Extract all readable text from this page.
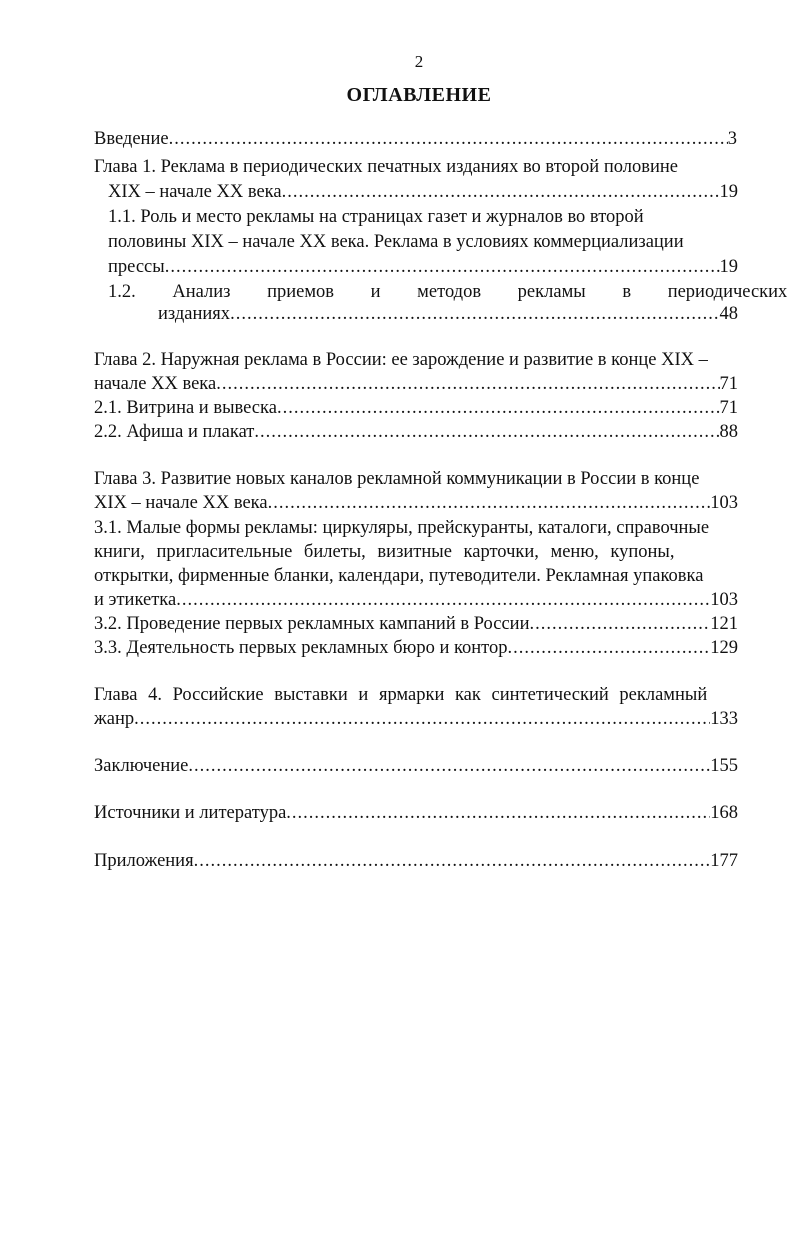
2
ОГЛАВЛЕНИЕ
Введение .....	3
Глава 1. Реклама в периодических печатных изданиях во второй половине
XIX – начале XX века .....	19
1.1. Роль и место рекламы на страницах газет и журналов во второй
половины XIX – начале XX века. Реклама в условиях коммерциализации
прессы .....	19
1.2. Анализ приемов и методов рекламы в периодических
изданиях .....	48
Глава 2. Наружная реклама в России: ее зарождение и развитие в конце XIX –
начале XX века .....	71
2.1. Витрина и вывеска .....	71
2.2. Афиша и плакат .....	88
Глава 3. Развитие новых каналов рекламной коммуникации в России в конце
XIX – начале XX века .....	103
3.1. Малые формы рекламы: циркуляры, прейскуранты, каталоги, справочные
книги, пригласительные билеты, визитные карточки, меню, купоны,
открытки, фирменные бланки, календари, путеводители. Рекламная упаковка
и этикетка .....	103
3.2. Проведение первых рекламных кампаний в России .....	121
3.3. Деятельность первых рекламных бюро и контор .....	129
Глава 4. Российские выставки и ярмарки как синтетический рекламный
жанр .....	133
Заключение .....	155
Источники и литература .....	168
Приложения .....	177
